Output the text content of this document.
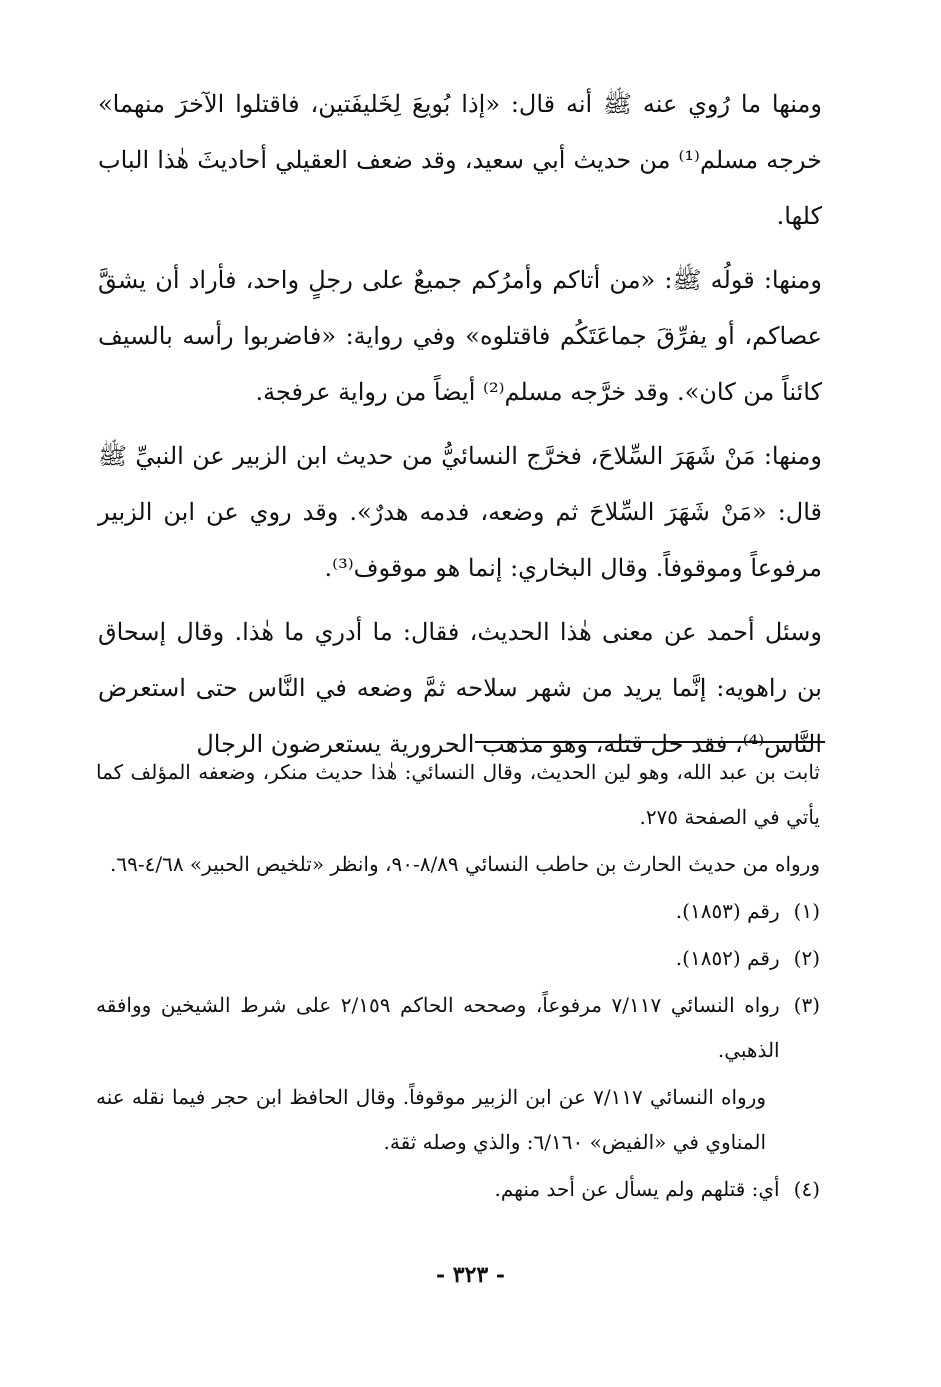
ومنها ما رُوي عنه ﷺ أنه قال: «إذا بُويعَ لِخَليفَتين، فاقتلوا الآخرَ منهما» خرجه مسلم⁽¹⁾ من حديث أبي سعيد، وقد ضعف العقيلي أحاديثَ هٰذا الباب كلها.

ومنها: قولُه ﷺ: «من أتاكم وأمرُكم جميعٌ على رجلٍ واحد، فأراد أن يشقَّ عصاكم، أو يفرِّقَ جماعَتَكُم فاقتلوه» وفي رواية: «فاضربوا رأسه بالسيف كائناً من كان». وقد خرَّجه مسلم⁽²⁾ أيضاً من رواية عرفجة.

ومنها: مَنْ شَهَرَ السِّلاحَ، فخرَّج النسائيُّ من حديث ابن الزبير عن النبيِّ ﷺ قال: «مَنْ شَهَرَ السِّلاحَ ثم وضعه، فدمه هدرٌ». وقد روي عن ابن الزبير مرفوعاً وموقوفاً. وقال البخاري: إنما هو موقوف⁽³⁾.

وسئل أحمد عن معنى هٰذا الحديث، فقال: ما أدري ما هٰذا. وقال إسحاق بن راهويه: إنَّما يريد من شهر سلاحه ثمَّ وضعه في النَّاس حتى استعرض النَّاس⁽⁴⁾، فقد حل قتله، وهو مذهب الحرورية يستعرضون الرجال

ثابت بن عبد الله، وهو لين الحديث، وقال النسائي: هٰذا حديث منكر، وضعفه المؤلف كما يأتي في الصفحة ٢٧٥.

ورواه من حديث الحارث بن حاطب النسائي ٨/٨٩-٩٠، وانظر «تلخيص الحبير» ٤/٦٨-٦٩.

(١)
رقم (١٨٥٣).
(٢)
رقم (١٨٥٢).
(٣)
رواه النسائي ٧/١١٧ مرفوعاً، وصححه الحاكم ٢/١٥٩ على شرط الشيخين ووافقه الذهبي.

ورواه النسائي ٧/١١٧ عن ابن الزبير موقوفاً. وقال الحافظ ابن حجر فيما نقله عنه المناوي في «الفيض» ٦/١٦٠: والذي وصله ثقة.

(٤)
أي: قتلهم ولم يسأل عن أحد منهم.
- ٣٢٣ -
